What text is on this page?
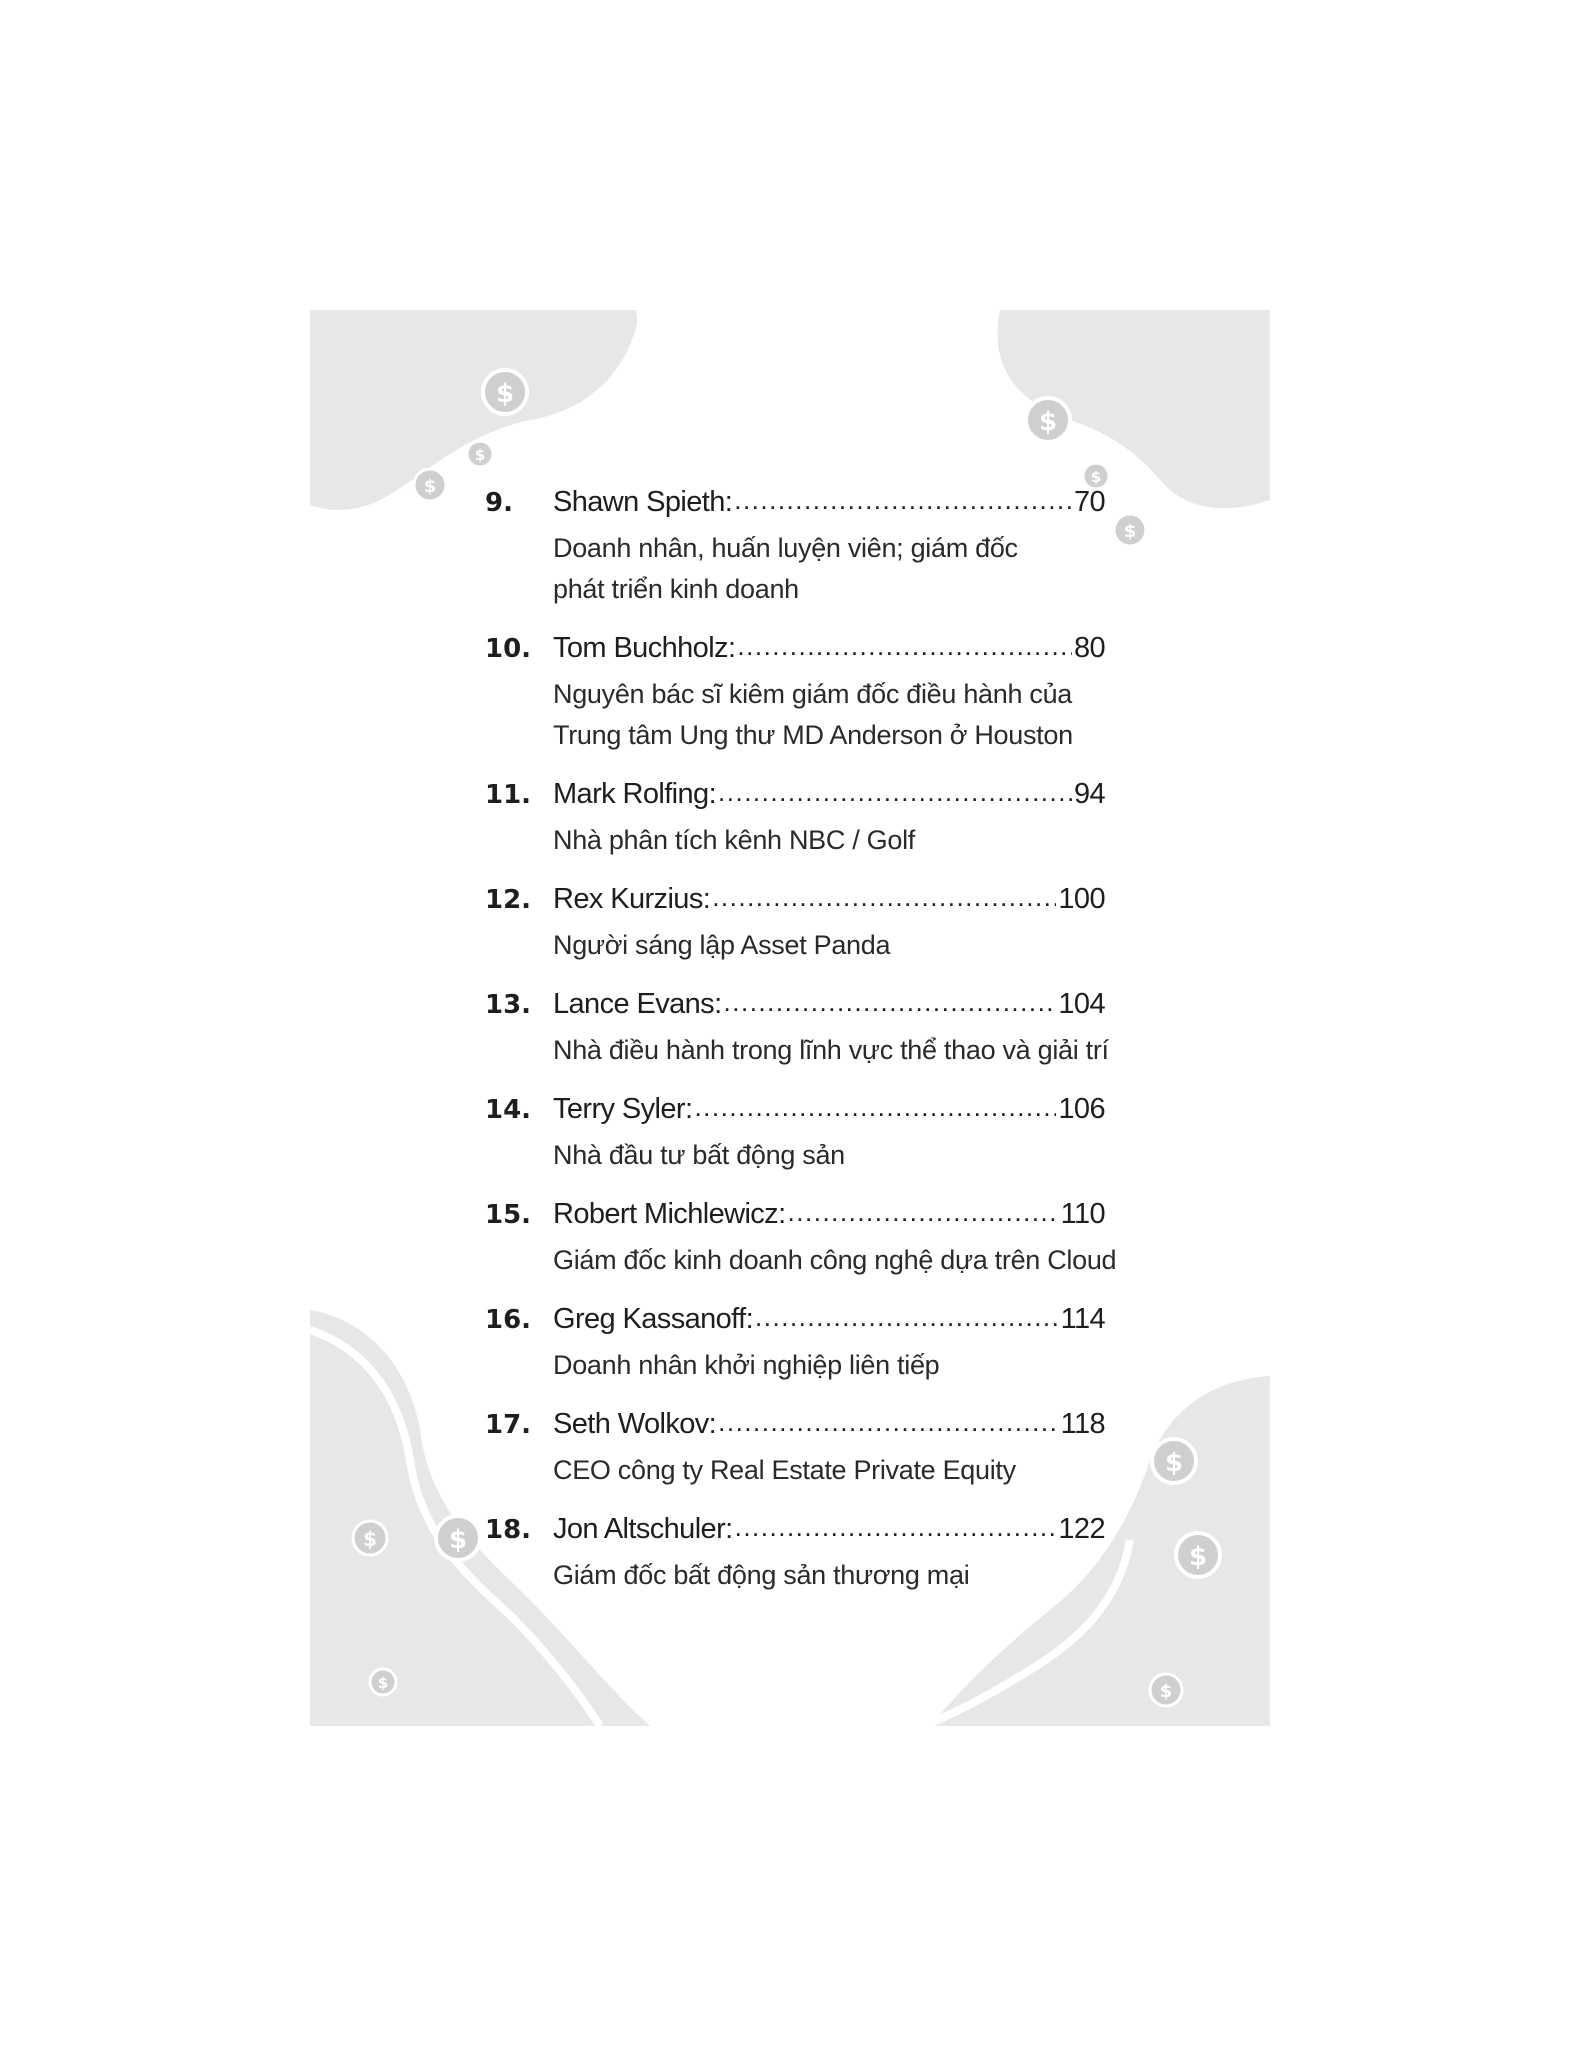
$
$
$
$
$
$
$	$
$
$
$
$
9.	Shawn Spieth: .....	70
Doanh nhân, huấn luyện viên; giám đốc
phát triển kinh doanh
10. Tom Buchholz: .....	80
Nguyên bác sĩ kiêm giám đốc điều hành của
Trung tâm Ung thư MD Anderson ở Houston
11. Mark Rolfing: .....	94
Nhà phân tích kênh NBC / Golf
12. Rex Kurzius: .....	100
Người sáng lập Asset Panda
13. Lance Evans: .....	104
Nhà điều hành trong lĩnh vực thể thao và giải trí
14. Terry Syler: .....	106
Nhà đầu tư bất động sản
15. Robert Michlewicz: .....	110
Giám đốc kinh doanh công nghệ dựa trên Cloud
16. Greg Kassanoff: .....	114
Doanh nhân khởi nghiệp liên tiếp
17. Seth Wolkov: .....	118
CEO công ty Real Estate Private Equity
18. Jon Altschuler: .....	122
Giám đốc bất động sản thương mại
